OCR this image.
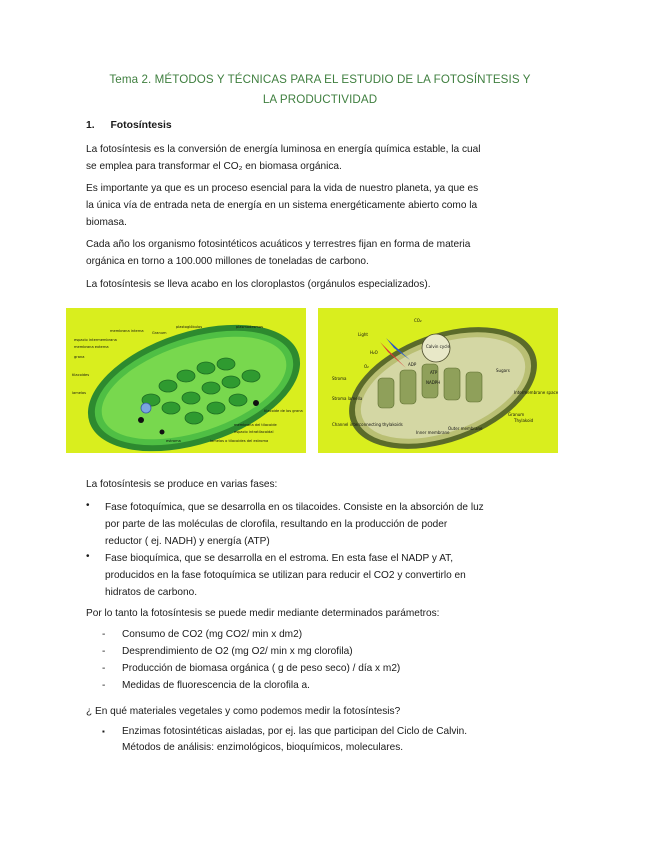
Tema 2. MÉTODOS Y TÉCNICAS PARA EL ESTUDIO DE LA FOTOSÍNTESIS Y
LA PRODUCTIVIDAD
1. Fotosíntesis
La fotosíntesis es la conversión de energía luminosa en energía química estable, la cual
se emplea para transformar el CO₂ en biomasa orgánica.
Es importante ya que es un proceso esencial para la vida de nuestro planeta, ya que es
la única vía de entrada neta de energía en un sistema energéticamente abierto como la
biomasa.
Cada año los organismo fotosintéticos acuáticos y terrestres fijan en forma de materia
orgánica en torno a 100.000 millones de toneladas de carbono.
La fotosíntesis se lleva acabo en los cloroplastos (orgánulos especializados).
membrana interna
espacio intermembrana
membrana externa
grana
tilacoides
lamelas
plastoglóbulos	plasmodesmos
Granum
tilacoide de los grana
membrana del tilacoide
espacio intratilacoidal
lamelas o tilacoides del estroma
estroma
CO₂
O₂
H₂O
ADP
ATP
NADPH
Calvin cycle
Sugars
Stroma
Outer membrane
Inner membrane
Intermembrane space
Granum
Thylakoid
Light
Channel interconnecting thylakoids
Stroma lamella
La fotosíntesis se produce en varias fases:
• Fase fotoquímica, que se desarrolla en os tilacoides. Consiste en la absorción de luz
por parte de las moléculas de clorofila, resultando en la producción de poder
reductor ( ej. NADH) y energía (ATP)
• Fase bioquímica, que se desarrolla en el estroma. En esta fase el NADP y AT,
producidos en la fase fotoquímica se utilizan para reducir el CO2 y convertirlo en
hidratos de carbono.
Por lo tanto la fotosíntesis se puede medir mediante determinados parámetros:
- Consumo de CO2 (mg CO2/ min x dm2)
- Desprendimiento de O2 (mg O2/ min x mg clorofila)
- Producción de biomasa orgánica ( g de peso seco) / día x m2)
- Medidas de fluorescencia de la clorofila a.
¿ En qué materiales vegetales y como podemos medir la fotosíntesis?
▪ Enzimas fotosintéticas aisladas, por ej. las que participan del Ciclo de Calvin.
Métodos de análisis: enzimológicos, bioquímicos, moleculares.
